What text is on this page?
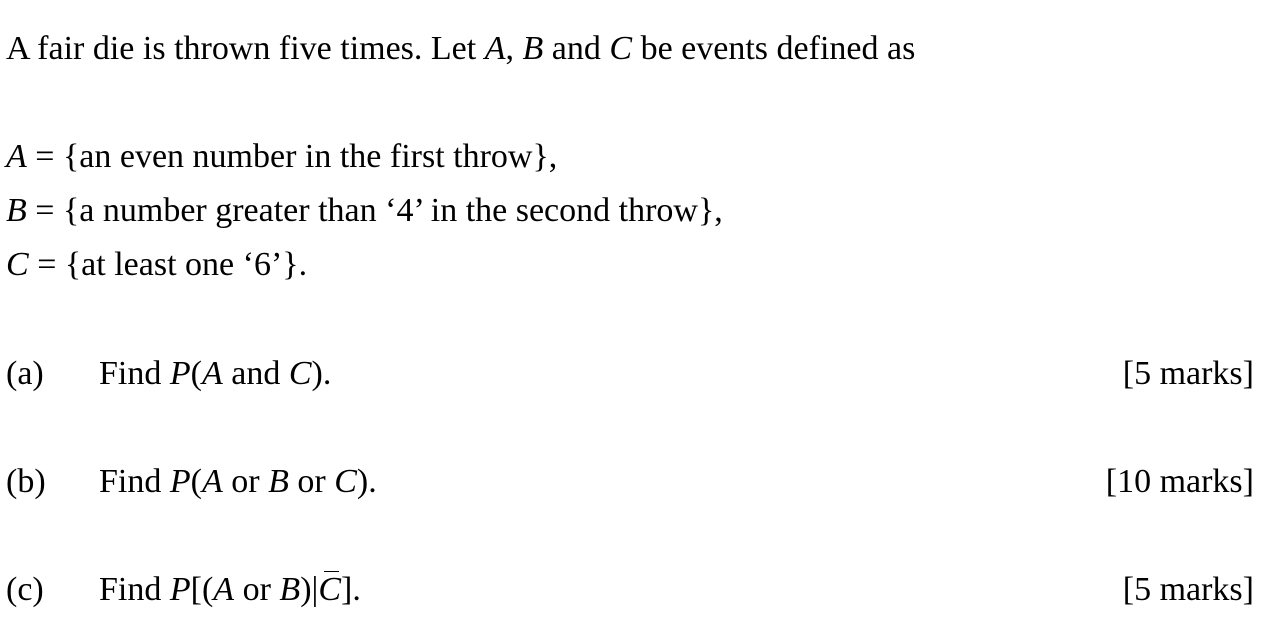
A fair die is thrown five times. Let A, B and C be events defined as
A = {an even number in the first throw},
B = {a number greater than ‘4’ in the second throw},
C = {at least one ‘6’}.
(a) Find P(A and C).	[5 marks]
(b) Find P(A or B or C).	[10 marks]
(c) Find P[(A or B)|C].	[5 marks]
